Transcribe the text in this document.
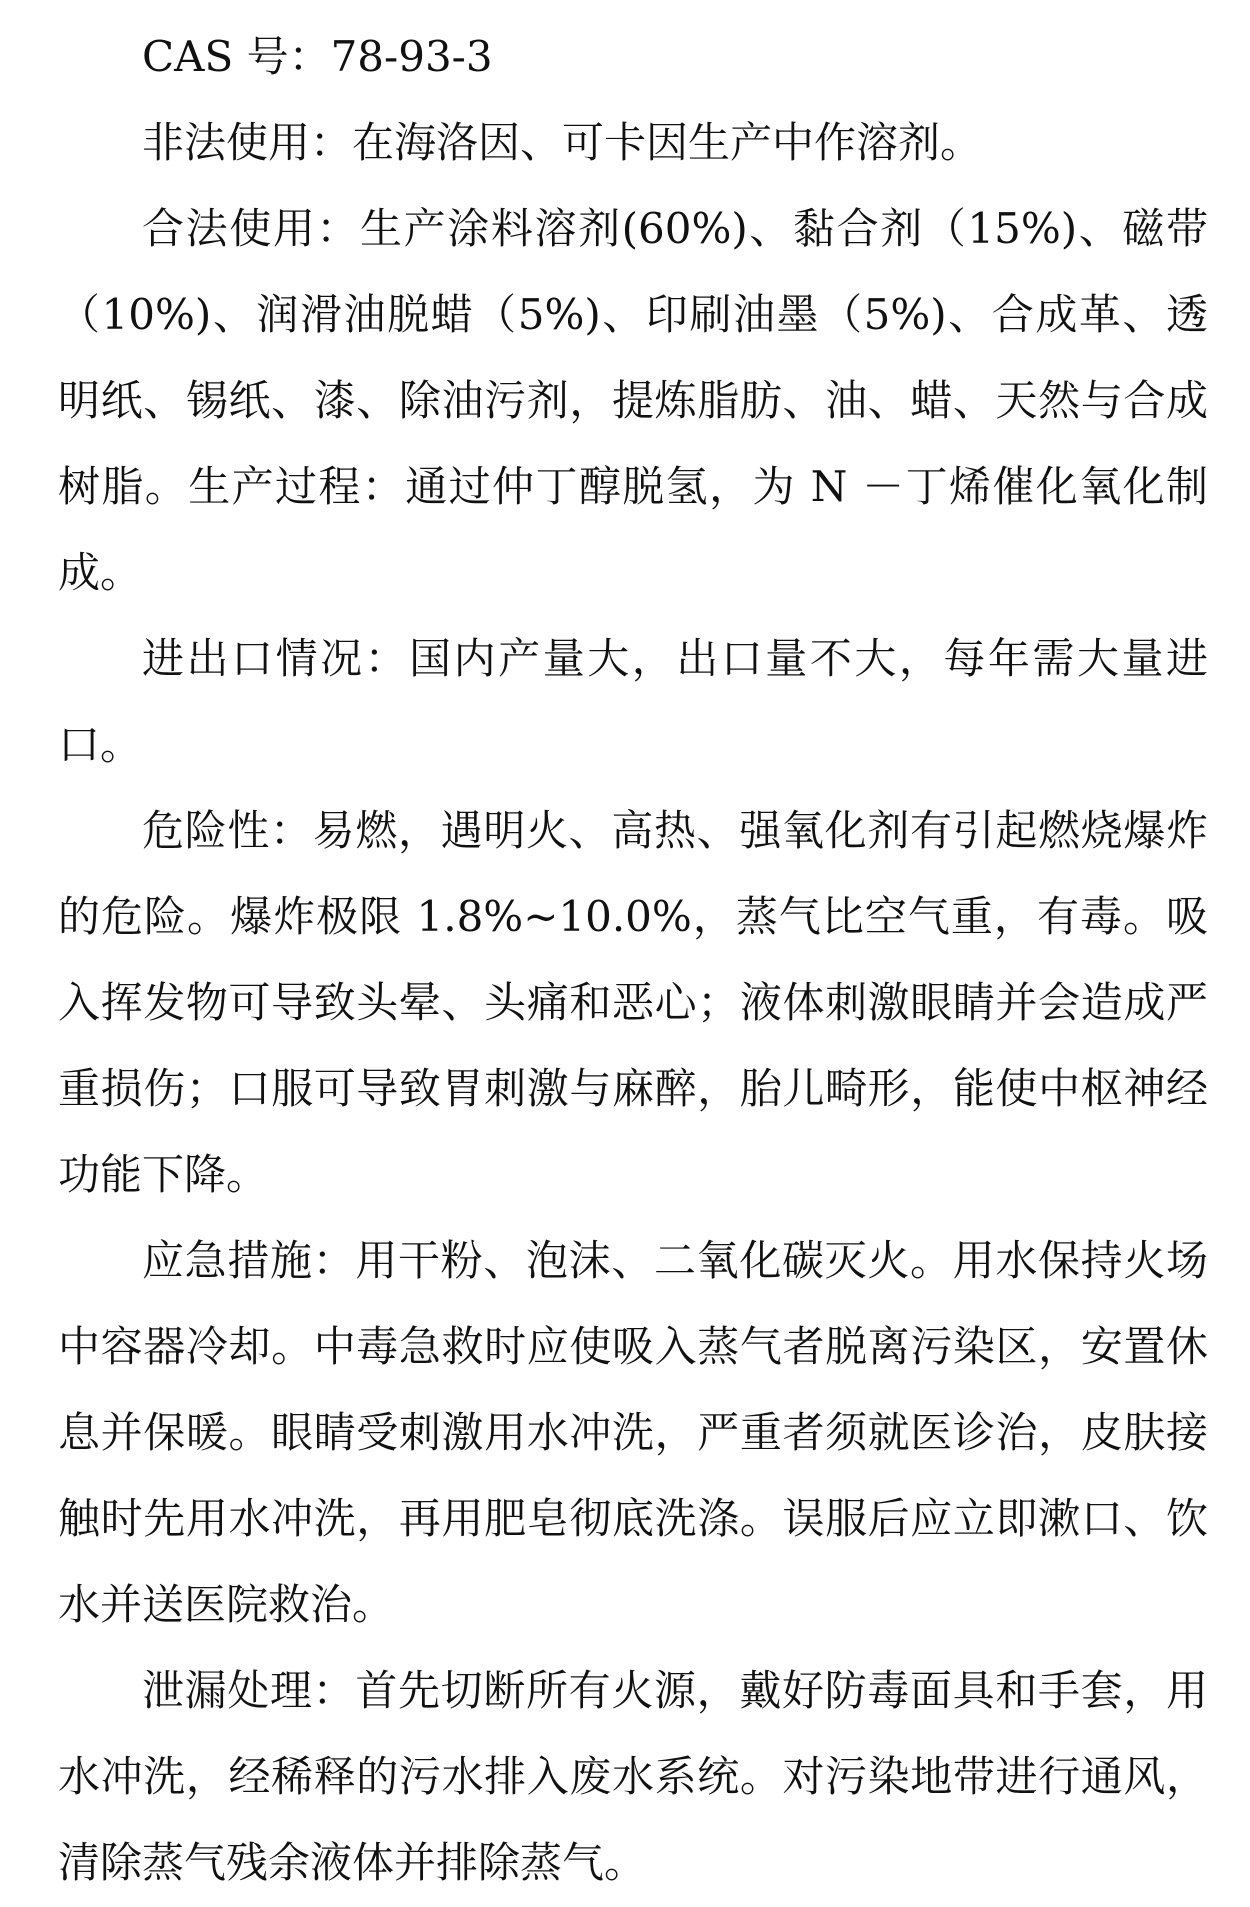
CAS 号：78-93-3

非法使用：在海洛因、可卡因生产中作溶剂。

合法使用：生产涂料溶剂(60%)、黏合剂（15%)、磁带（10%)、润滑油脱蜡（5%)、印刷油墨（5%)、合成革、透明纸、锡纸、漆、除油污剂，提炼脂肪、油、蜡、天然与合成树脂。生产过程：通过仲丁醇脱氢，为 N －丁烯催化氧化制成。

进出口情况：国内产量大，出口量不大，每年需大量进口。

危险性：易燃，遇明火、高热、强氧化剂有引起燃烧爆炸的危险。爆炸极限 1.8%~10.0%，蒸气比空气重，有毒。吸入挥发物可导致头晕、头痛和恶心；液体刺激眼睛并会造成严重损伤；口服可导致胃刺激与麻醉，胎儿畸形，能使中枢神经功能下降。

应急措施：用干粉、泡沫、二氧化碳灭火。用水保持火场中容器冷却。中毒急救时应使吸入蒸气者脱离污染区，安置休息并保暖。眼睛受刺激用水冲洗，严重者须就医诊治，皮肤接触时先用水冲洗，再用肥皂彻底洗涤。误服后应立即漱口、饮水并送医院救治。

泄漏处理：首先切断所有火源，戴好防毒面具和手套，用水冲洗，经稀释的污水排入废水系统。对污染地带进行通风，清除蒸气残余液体并排除蒸气。
